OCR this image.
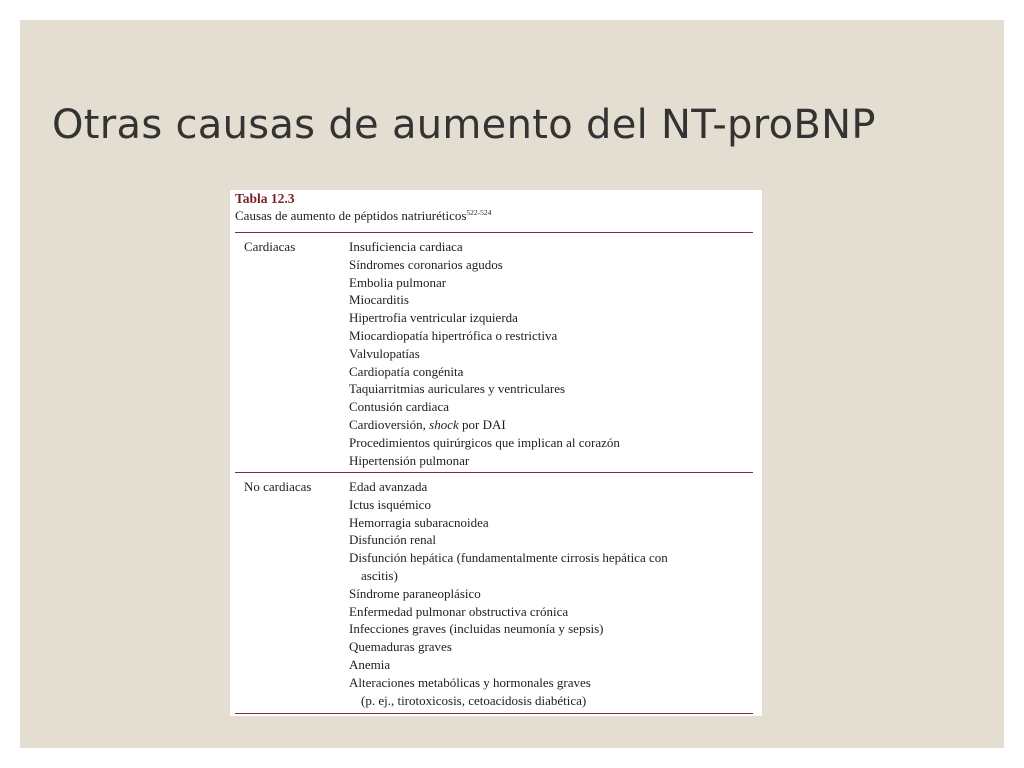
Otras causas de aumento del NT-proBNP
Tabla 12.3
Causas de aumento de péptidos natriuréticos$^{522-524}$
Cardiacas	Insuficiencia cardiaca
Síndromes coronarios agudos
Embolia pulmonar
Miocarditis
Hipertrofia ventricular izquierda
Miocardiopatía hipertrófica o restrictiva
Valvulopatías
Cardiopatía congénita
Taquiarritmias auriculares y ventriculares
Contusión cardiaca
Cardioversión, shock por DAI
Procedimientos quirúrgicos que implican al corazón
Hipertensión pulmonar
No cardiacas	Edad avanzada
Ictus isquémico
Hemorragia subaracnoidea
Disfunción renal
Disfunción hepática (fundamentalmente cirrosis hepática con
ascitis)
Síndrome paraneoplásico
Enfermedad pulmonar obstructiva crónica
Infecciones graves (incluidas neumonía y sepsis)
Quemaduras graves
Anemia
Alteraciones metabólicas y hormonales graves
(p. ej., tirotoxicosis, cetoacidosis diabética)
